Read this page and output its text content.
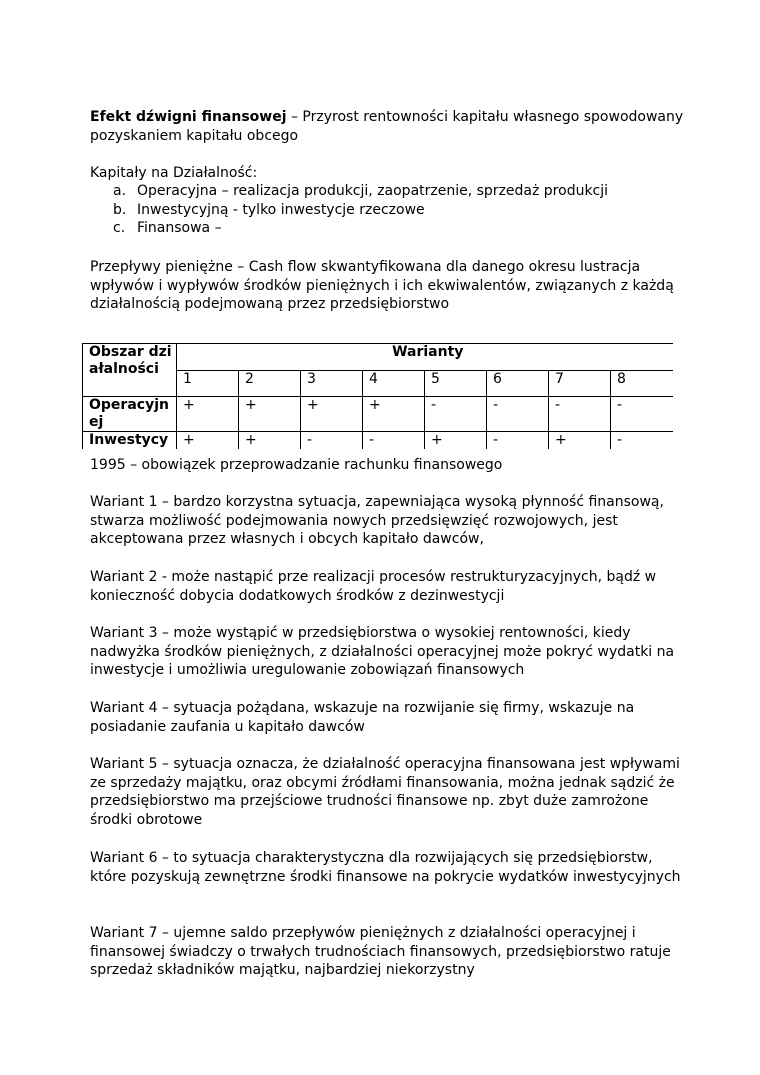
Efekt dźwigni finansowej – Przyrost rentowności kapitału własnego spowodowany pozyskaniem kapitału obcego

Kapitały na Działalność:
a. Operacyjna – realizacja produkcji, zaopatrzenie, sprzedaż produkcji
b. Inwestycyjną - tylko inwestycje rzeczowe
c. Finansowa –
Przepływy pieniężne – Cash flow skwantyfikowana dla danego okresu lustracja wpływów i wypływów środków pieniężnych i ich ekwiwalentów, związanych z każdą działalnością podejmowaną przez przedsiębiorstwo
Obszar działalności	Warianty							
	1	2	3	4	5	6	7	8
Operacyjnej	+	+	+	+	-	-	-	-
Inwestycy	+	+	-	-	+	-	+	-
1995 – obowiązek przeprowadzanie rachunku finansowego
Wariant 1 – bardzo korzystna sytuacja, zapewniająca wysoką płynność finansową, stwarza możliwość podejmowania nowych przedsięwzięć rozwojowych, jest akceptowana przez własnych i obcych kapitało dawców,
Wariant 2 - może nastąpić prze realizacji procesów restrukturyzacyjnych, bądź w konieczność dobycia dodatkowych środków z dezinwestycji
Wariant 3 – może wystąpić w przedsiębiorstwa o wysokiej rentowności, kiedy nadwyżka środków pieniężnych, z działalności operacyjnej może pokryć wydatki na inwestycje i umożliwia uregulowanie zobowiązań finansowych
Wariant 4 – sytuacja pożądana, wskazuje na rozwijanie się firmy, wskazuje na posiadanie zaufania u kapitało dawców
Wariant 5 – sytuacja oznacza, że działalność operacyjna finansowana jest wpływami ze sprzedaży majątku, oraz obcymi źródłami finansowania, można jednak sądzić że przedsiębiorstwo ma przejściowe trudności finansowe np. zbyt duże zamrożone środki obrotowe
Wariant 6 – to sytuacja charakterystyczna dla rozwijających się przedsiębiorstw, które pozyskują zewnętrzne środki finansowe na pokrycie wydatków inwestycyjnych
Wariant 7 – ujemne saldo przepływów pieniężnych z działalności operacyjnej i finansowej świadczy o trwałych trudnościach finansowych, przedsiębiorstwo ratuje sprzedaż składników majątku, najbardziej niekorzystny
